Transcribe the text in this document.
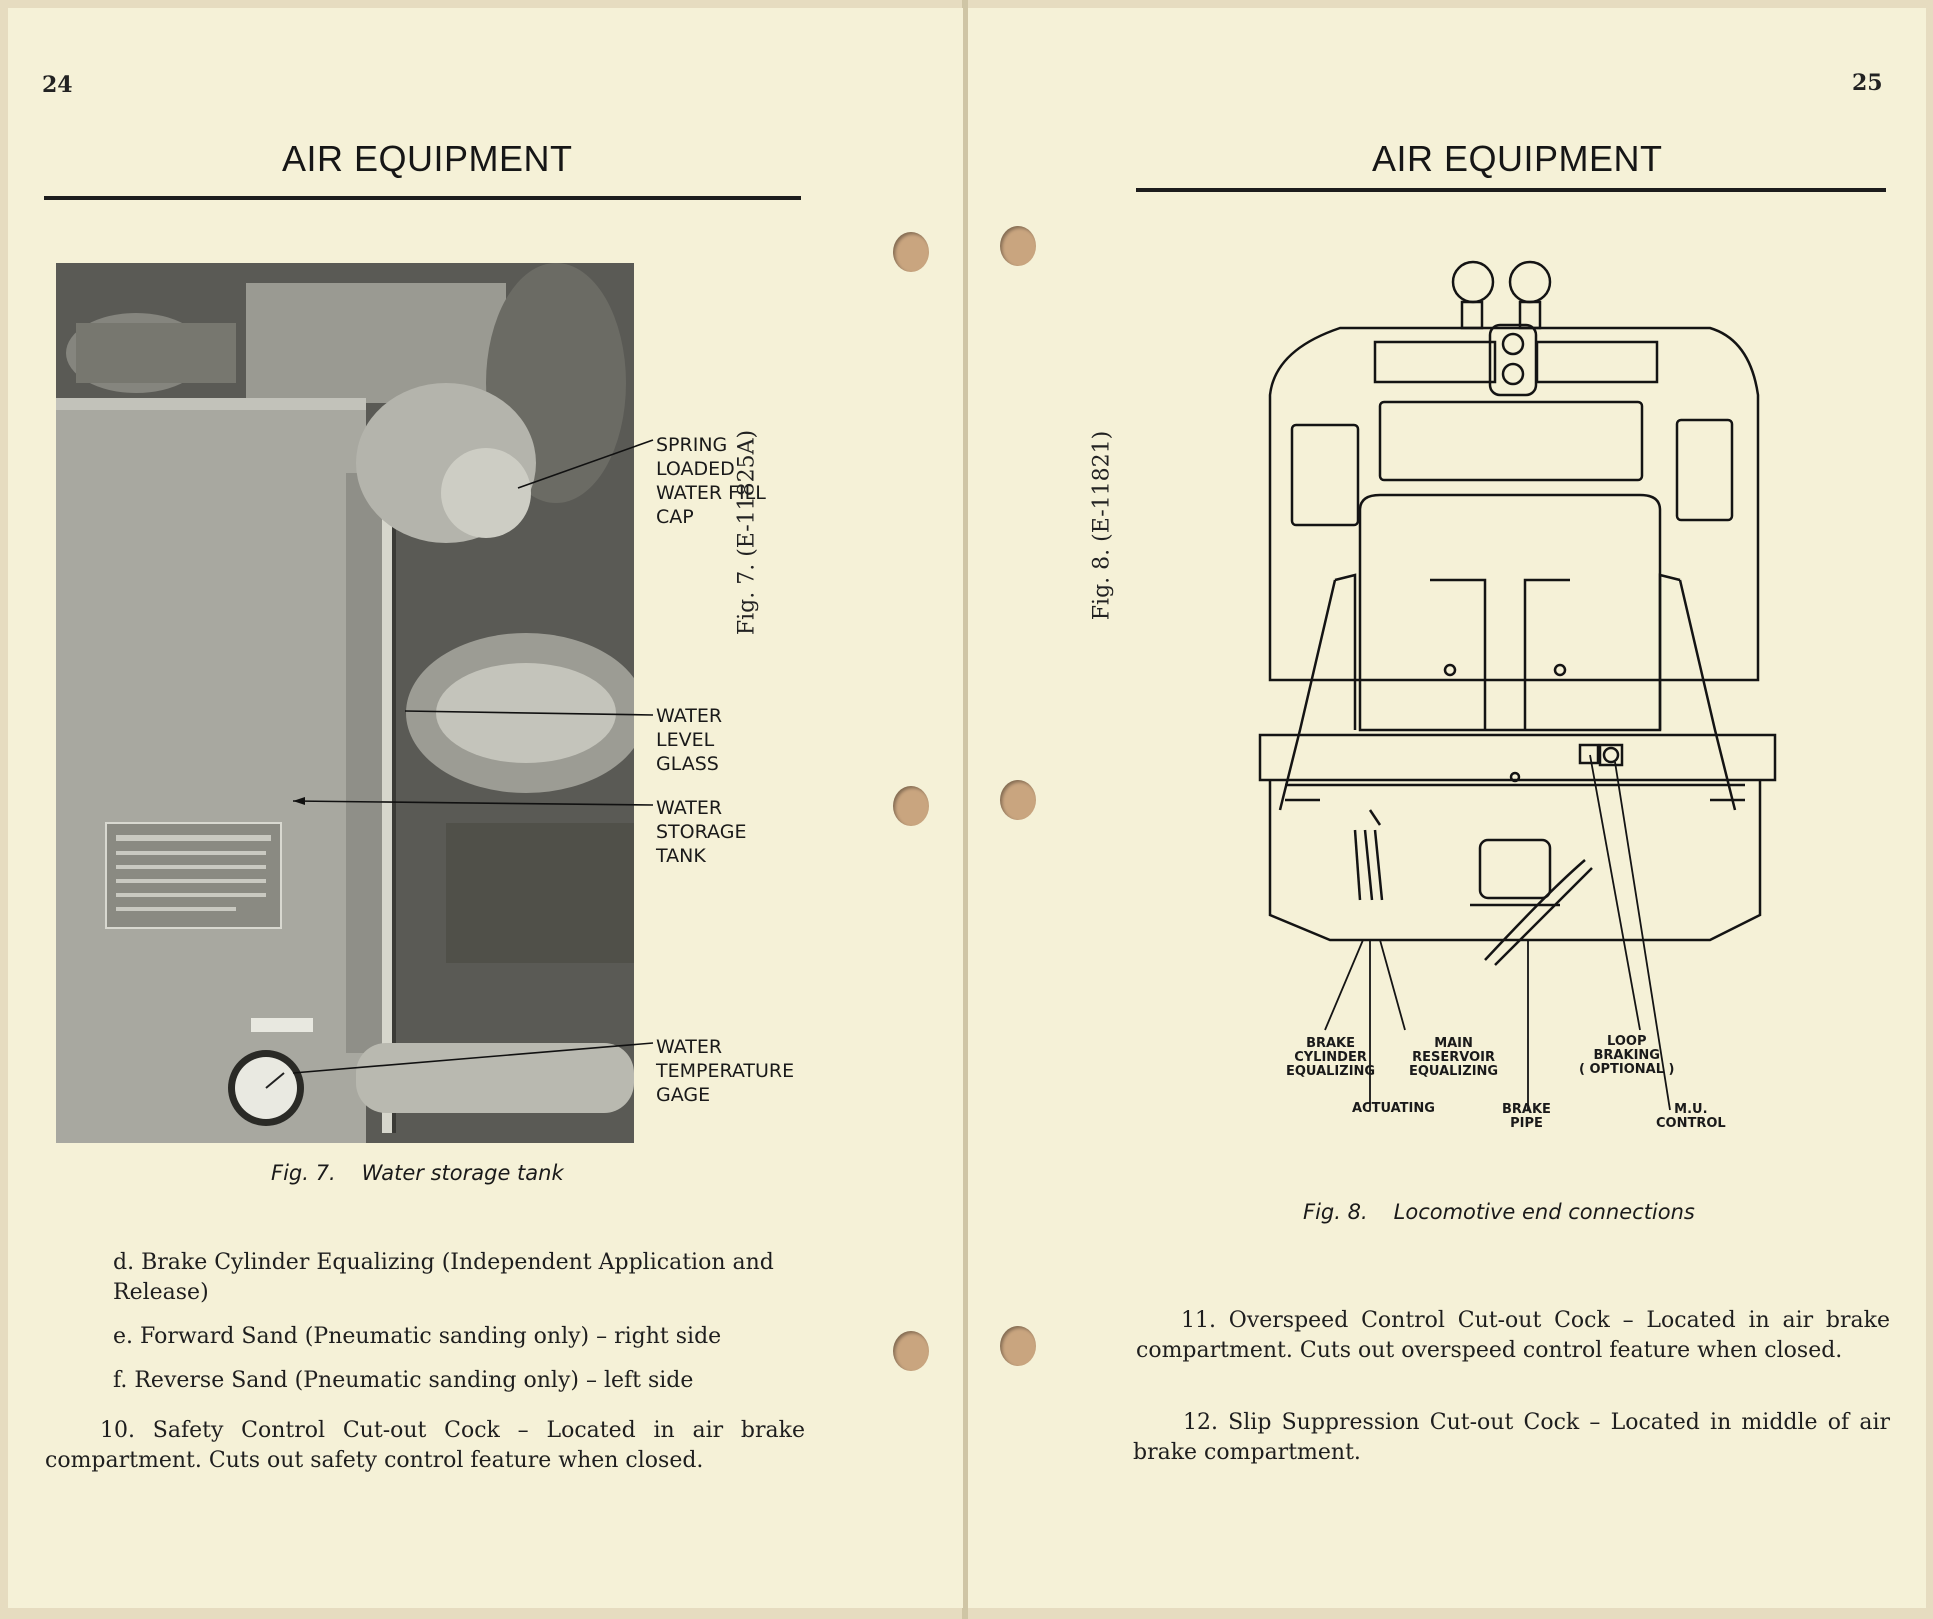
24
AIR EQUIPMENT
SPRING
LOADED
WATER FILL
CAP
WATER
LEVEL
GLASS
WATER
STORAGE
TANK
WATER
TEMPERATURE
GAGE
Fig. 7. (E-11825A)
Fig. 7. Water storage tank
d. Brake Cylinder Equalizing (Independent Application and Release)
e. Forward Sand (Pneumatic sanding only) – right side
f. Reverse Sand (Pneumatic sanding only) – left side
10. Safety Control Cut-out Cock – Located in air brake compartment. Cuts out safety control feature when closed.
25
AIR EQUIPMENT
Fig. 8. (E-11821)
BRAKE
CYLINDER
EQUALIZING
ACTUATING
MAIN
RESERVOIR
EQUALIZING
BRAKE
PIPE
LOOP
BRAKING
( OPTIONAL )
M.U.
CONTROL
Fig. 8. Locomotive end connections
11. Overspeed Control Cut-out Cock – Located in air brake compartment. Cuts out overspeed control feature when closed.
12. Slip Suppression Cut-out Cock – Located in middle of air brake compartment.
